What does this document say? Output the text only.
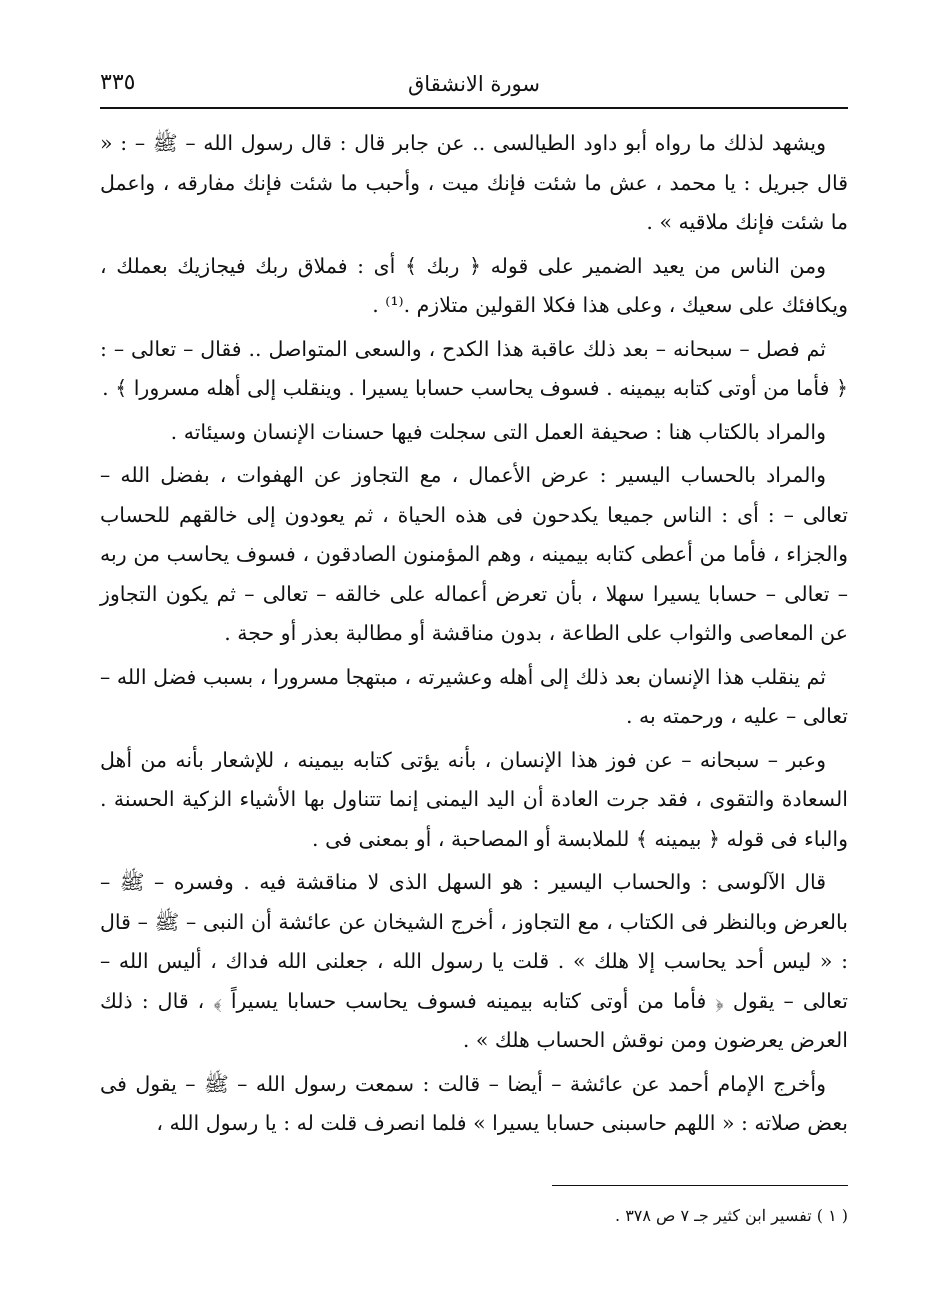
سورة الانشقاق
٣٣٥

ويشهد لذلك ما رواه أبو داود الطيالسى .. عن جابر قال : قال رسول الله – ﷺ – : « قال جبريل : يا محمد ، عش ما شئت فإنك ميت ، وأحبب ما شئت فإنك مفارقه ، واعمل ما شئت فإنك ملاقيه » .

ومن الناس من يعيد الضمير على قوله ﴿ ربك ﴾ أى : فملاق ربك فيجازيك بعملك ، ويكافئك على سعيك ، وعلى هذا فكلا القولين متلازم .⁽¹⁾ .

ثم فصل – سبحانه – بعد ذلك عاقبة هذا الكدح ، والسعى المتواصل .. فقال – تعالى – : ﴿ فأما من أوتى كتابه بيمينه . فسوف يحاسب حسابا يسيرا . وينقلب إلى أهله مسرورا ﴾ .

والمراد بالكتاب هنا : صحيفة العمل التى سجلت فيها حسنات الإنسان وسيئاته .

والمراد بالحساب اليسير : عرض الأعمال ، مع التجاوز عن الهفوات ، بفضل الله – تعالى – : أى : الناس جميعا يكدحون فى هذه الحياة ، ثم يعودون إلى خالقهم للحساب والجزاء ، فأما من أعطى كتابه بيمينه ، وهم المؤمنون الصادقون ، فسوف يحاسب من ربه – تعالى – حسابا يسيرا سهلا ، بأن تعرض أعماله على خالقه – تعالى – ثم يكون التجاوز عن المعاصى والثواب على الطاعة ، بدون مناقشة أو مطالبة بعذر أو حجة .

ثم ينقلب هذا الإنسان بعد ذلك إلى أهله وعشيرته ، مبتهجا مسرورا ، بسبب فضل الله – تعالى – عليه ، ورحمته به .

وعبر – سبحانه – عن فوز هذا الإنسان ، بأنه يؤتى كتابه بيمينه ، للإشعار بأنه من أهل السعادة والتقوى ، فقد جرت العادة أن اليد اليمنى إنما تتناول بها الأشياء الزكية الحسنة . والباء فى قوله ﴿ بيمينه ﴾ للملابسة أو المصاحبة ، أو بمعنى فى .

قال الآلوسى : والحساب اليسير : هو السهل الذى لا مناقشة فيه . وفسره – ﷺ – بالعرض وبالنظر فى الكتاب ، مع التجاوز ، أخرج الشيخان عن عائشة أن النبى – ﷺ – قال : « ليس أحد يحاسب إلا هلك » . قلت يا رسول الله ، جعلنى الله فداك ، أليس الله – تعالى – يقول ﴿ فأما من أوتى كتابه بيمينه فسوف يحاسب حسابا يسيراً ﴾ ، قال : ذلك العرض يعرضون ومن نوقش الحساب هلك » .

وأخرج الإمام أحمد عن عائشة – أيضا – قالت : سمعت رسول الله – ﷺ – يقول فى بعض صلاته : « اللهم حاسبنى حسابا يسيرا » فلما انصرف قلت له : يا رسول الله ،

( ١ ) تفسير ابن كثير جـ ٧ ص ٣٧٨ .
